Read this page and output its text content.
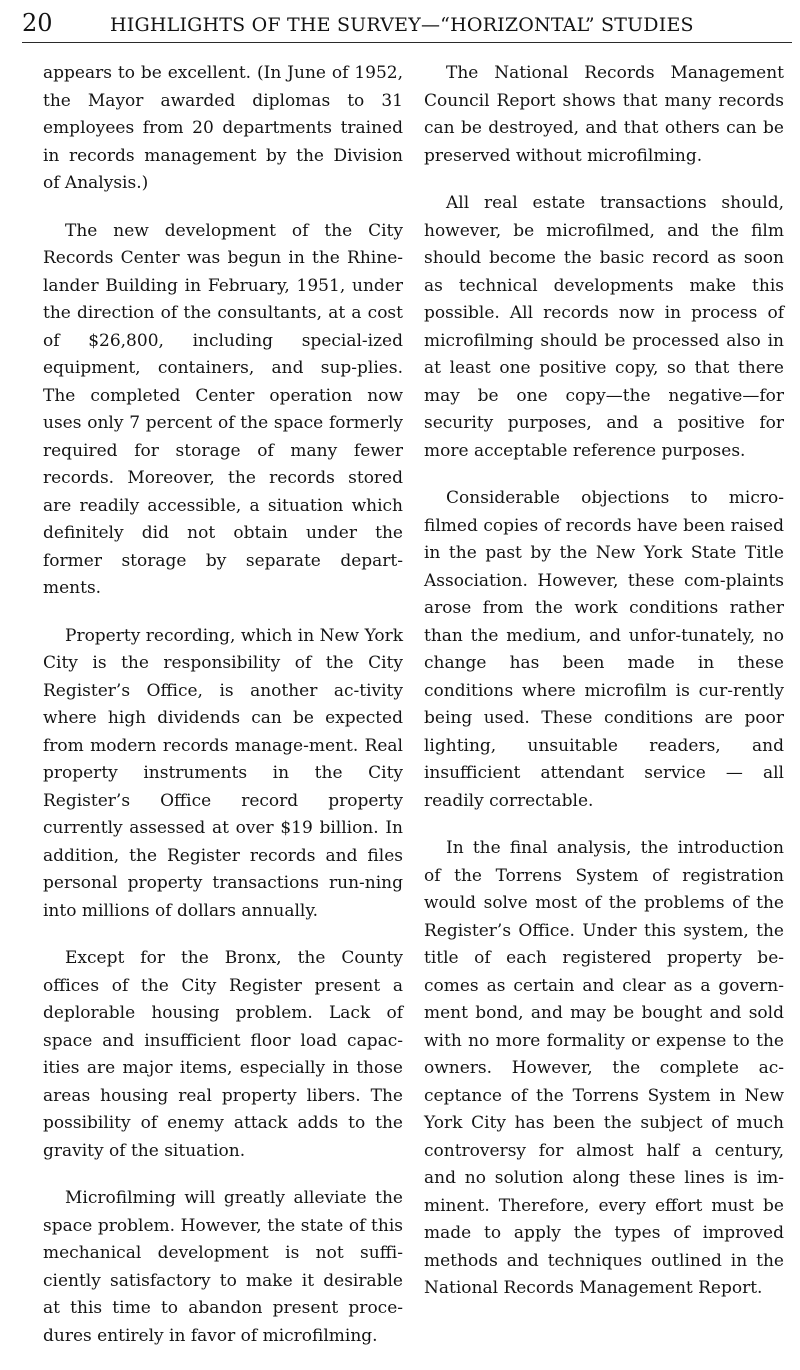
20	HIGHLIGHTS OF THE SURVEY—“HORIZONTAL” STUDIES

appears to be excellent. (In June of 1952, the Mayor awarded diplomas to 31 employees from 20 departments trained in records management by the Division of Analysis.)

The new development of the City Records Center was begun in the Rhine-lander Building in February, 1951, under the direction of the consultants, at a cost of $26,800, including special-ized equipment, containers, and sup-plies. The completed Center operation now uses only 7 percent of the space formerly required for storage of many fewer records. Moreover, the records stored are readily accessible, a situation which definitely did not obtain under the former storage by separate depart-ments.

Property recording, which in New York City is the responsibility of the City Register’s Office, is another ac-tivity where high dividends can be expected from modern records manage-ment. Real property instruments in the City Register’s Office record property currently assessed at over $19 billion. In addition, the Register records and files personal property transactions run-ning into millions of dollars annually.

Except for the Bronx, the County offices of the City Register present a deplorable housing problem. Lack of space and insufficient floor load capac-ities are major items, especially in those areas housing real property libers. The possibility of enemy attack adds to the gravity of the situation.

Microfilming will greatly alleviate the space problem. However, the state of this mechanical development is not suffi-ciently satisfactory to make it desirable at this time to abandon present proce-dures entirely in favor of microfilming.

The National Records Management Council Report shows that many records can be destroyed, and that others can be preserved without microfilming.

All real estate transactions should, however, be microfilmed, and the film should become the basic record as soon as technical developments make this possible. All records now in process of microfilming should be processed also in at least one positive copy, so that there may be one copy—the negative—for security purposes, and a positive for more acceptable reference purposes.

Considerable objections to micro-filmed copies of records have been raised in the past by the New York State Title Association. However, these com-plaints arose from the work conditions rather than the medium, and unfor-tunately, no change has been made in these conditions where microfilm is cur-rently being used. These conditions are poor lighting, unsuitable readers, and insufficient attendant service — all readily correctable.

In the final analysis, the introduction of the Torrens System of registration would solve most of the problems of the Register’s Office. Under this system, the title of each registered property be-comes as certain and clear as a govern-ment bond, and may be bought and sold with no more formality or expense to the owners. However, the complete ac-ceptance of the Torrens System in New York City has been the subject of much controversy for almost half a century, and no solution along these lines is im-minent. Therefore, every effort must be made to apply the types of improved methods and techniques outlined in the National Records Management Report.
